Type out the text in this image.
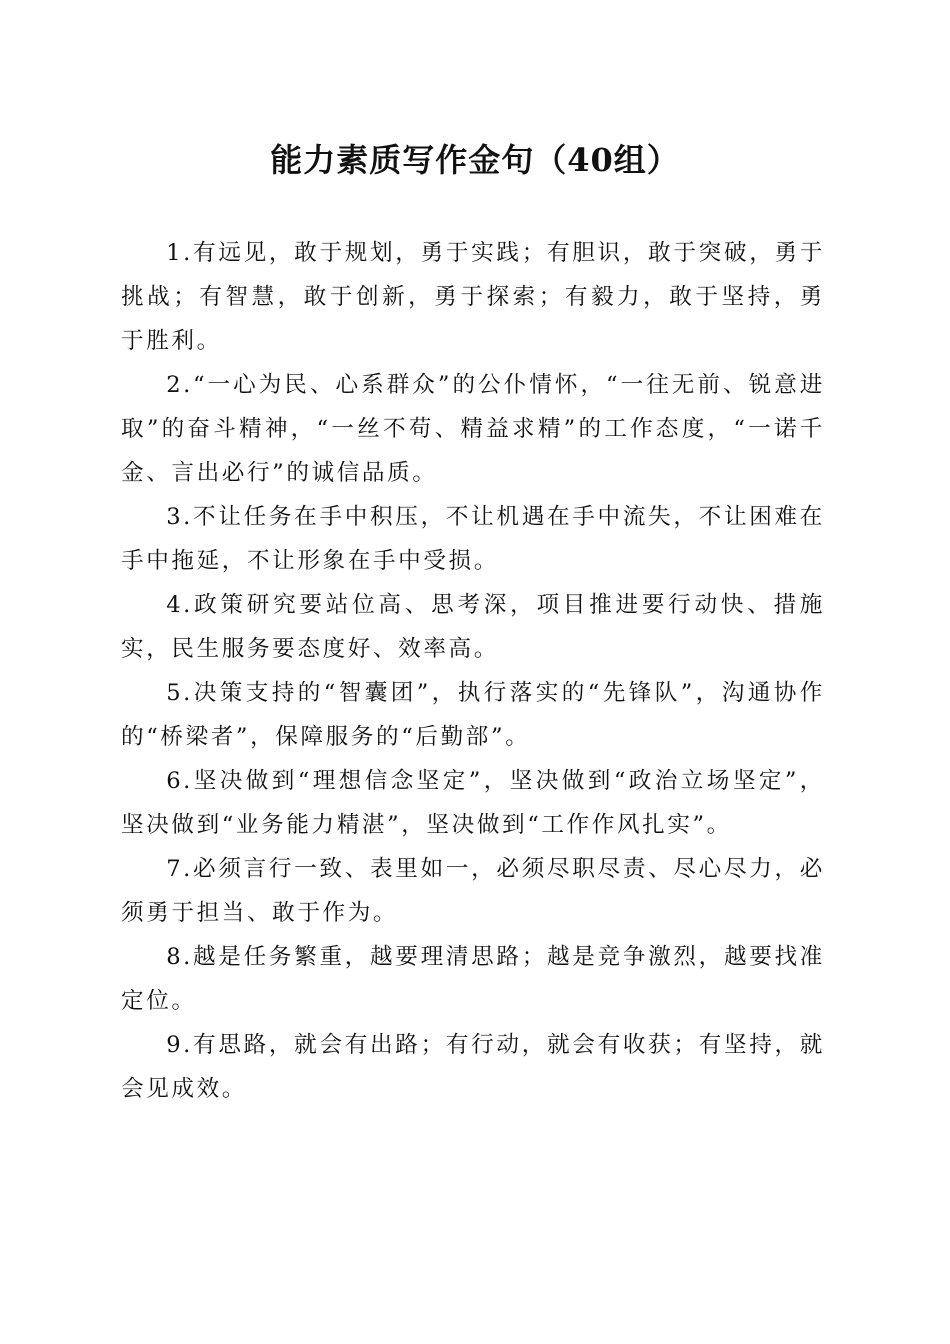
能力素质写作金句（40组）

1.有远见，敢于规划，勇于实践；有胆识，敢于突破，勇于挑战；有智慧，敢于创新，勇于探索；有毅力，敢于坚持，勇于胜利。

2.“一心为民、心系群众”的公仆情怀，“一往无前、锐意进取”的奋斗精神，“一丝不苟、精益求精”的工作态度，“一诺千金、言出必行”的诚信品质。

3.不让任务在手中积压，不让机遇在手中流失，不让困难在手中拖延，不让形象在手中受损。

4.政策研究要站位高、思考深，项目推进要行动快、措施实，民生服务要态度好、效率高。

5.决策支持的“智囊团”，执行落实的“先锋队”，沟通协作的“桥梁者”，保障服务的“后勤部”。

6.坚决做到“理想信念坚定”，坚决做到“政治立场坚定”，坚决做到“业务能力精湛”，坚决做到“工作作风扎实”。

7.必须言行一致、表里如一，必须尽职尽责、尽心尽力，必须勇于担当、敢于作为。

8.越是任务繁重，越要理清思路；越是竞争激烈，越要找准定位。

9.有思路，就会有出路；有行动，就会有收获；有坚持，就会见成效。
